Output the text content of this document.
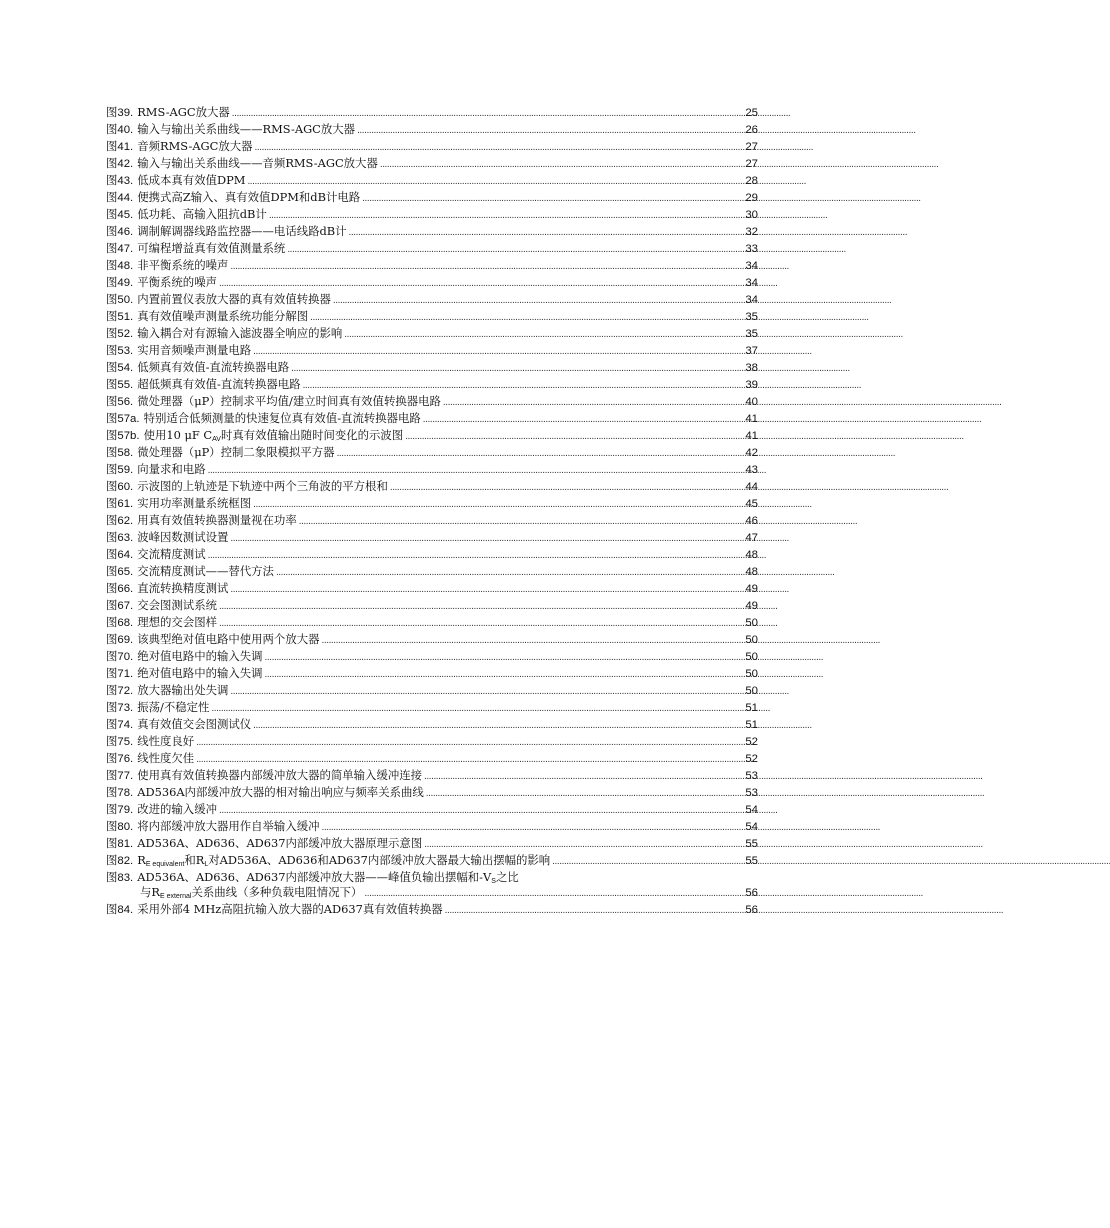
图39. RMS-AGC放大器 . . .	25
图40. 输入与输出关系曲线——RMS-AGC放大器 . . .	26
图41. 音频RMS-AGC放大器 . . .	27
图42. 输入与输出关系曲线——音频RMS-AGC放大器 . . .	27
图43. 低成本真有效值DPM . . .	28
图44. 便携式高Z输入、真有效值DPM和dB计电路 . . .	29
图45. 低功耗、高输入阻抗dB计 . . .	30
图46. 调制解调器线路监控器——电话线路dB计 . . .	32
图47. 可编程增益真有效值测量系统 . . .	33
图48. 非平衡系统的噪声 . . .	34
图49. 平衡系统的噪声 . . .	34
图50. 内置前置仪表放大器的真有效值转换器 . . .	34
图51. 真有效值噪声测量系统功能分解图 . . .	35
图52. 输入耦合对有源输入滤波器全响应的影响 . . .	35
图53. 实用音频噪声测量电路 . . .	37
图54. 低频真有效值-直流转换器电路 . . .	38
图55. 超低频真有效值-直流转换器电路 . . .	39
图56. 微处理器（μP）控制求平均值/建立时间真有效值转换器电路 . . .	40
图57a. 特别适合低频测量的快速复位真有效值-直流转换器电路 . . .	41
图57b. 使用10 μF $C_{AV}$时真有效值输出随时间变化的示波图 . . .	41
图58. 微处理器（μP）控制二象限模拟平方器 . . .	42
图59. 向量求和电路 . . .	43
图60. 示波图的上轨迹是下轨迹中两个三角波的平方根和 . . .	44
图61. 实用功率测量系统框图 . . .	45
图62. 用真有效值转换器测量视在功率 . . .	46
图63. 波峰因数测试设置 . . .	47
图64. 交流精度测试 . . .	48
图65. 交流精度测试——替代方法 . . .	48
图66. 直流转换精度测试 . . .	49
图67. 交会图测试系统 . . .	49
图68. 理想的交会图样 . . .	50
图69. 该典型绝对值电路中使用两个放大器 . . .	50
图70. 绝对值电路中的输入失调 . . .	50
图71. 绝对值电路中的输入失调 . . .	50
图72. 放大器输出处失调 . . .	50
图73. 振荡/不稳定性 . . .	51
图74. 真有效值交会图测试仪 . . .	51
图75. 线性度良好 . . .	52
图76. 线性度欠佳 . . .	52
图77. 使用真有效值转换器内部缓冲放大器的简单输入缓冲连接 . . .	53
图78. AD536A内部缓冲放大器的相对输出响应与频率关系曲线 . . .	53
图79. 改进的输入缓冲 . . .	54
图80. 将内部缓冲放大器用作自举输入缓冲 . . .	54
图81. AD536A、AD636、AD637内部缓冲放大器原理示意图 . . .	55
图82. $R_{E equivalent}$和$R_L$对AD536A、AD636和AD637内部缓冲放大器最大输出摆幅的影响 . . .	55
图83. AD536A、AD636、AD637内部缓冲放大器——峰值负输出摆幅和$-V_S$之比
与$R_{E external}$关系曲线（多种负载电阻情况下） . . .	56
图84. 采用外部4 MHz高阻抗输入放大器的AD637真有效值转换器 . . .	56
